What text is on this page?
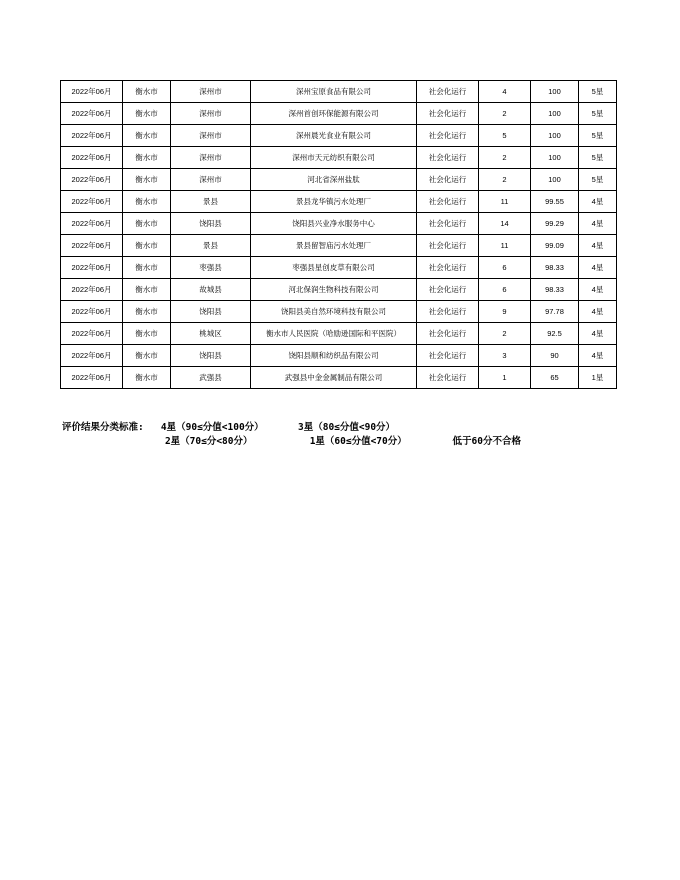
2022年06月	衡水市	深州市	深州宝原食品有限公司	社会化运行	4	100	5星
2022年06月	衡水市	深州市	深州首创环保能源有限公司	社会化运行	2	100	5星
2022年06月	衡水市	深州市	深州晨光食业有限公司	社会化运行	5	100	5星
2022年06月	衡水市	深州市	深州市天元纺织有限公司	社会化运行	2	100	5星
2022年06月	衡水市	深州市	河北省深州盐肽	社会化运行	2	100	5星
2022年06月	衡水市	景县	景县龙华镇污水处理厂	社会化运行	11	99.55	4星
2022年06月	衡水市	饶阳县	饶阳县兴业净水服务中心	社会化运行	14	99.29	4星
2022年06月	衡水市	景县	景县留智庙污水处理厂	社会化运行	11	99.09	4星
2022年06月	衡水市	枣强县	枣强县星创皮草有限公司	社会化运行	6	98.33	4星
2022年06月	衡水市	故城县	河北保润生物科技有限公司	社会化运行	6	98.33	4星
2022年06月	衡水市	饶阳县	饶阳县美自然环境科技有限公司	社会化运行	9	97.78	4星
2022年06月	衡水市	桃城区	衡水市人民医院（哈励逊国际和平医院）	社会化运行	2	92.5	4星
2022年06月	衡水市	饶阳县	饶阳县顺和纺织品有限公司	社会化运行	3	90	4星
2022年06月	衡水市	武强县	武强县中金金属制品有限公司	社会化运行	1	65	1星
评价结果分类标准: 4星（90≤分值<100分）	3星（80≤分值<90分）
2星（70≤分<80分）	1星（60≤分值<70分）	低于60分不合格
